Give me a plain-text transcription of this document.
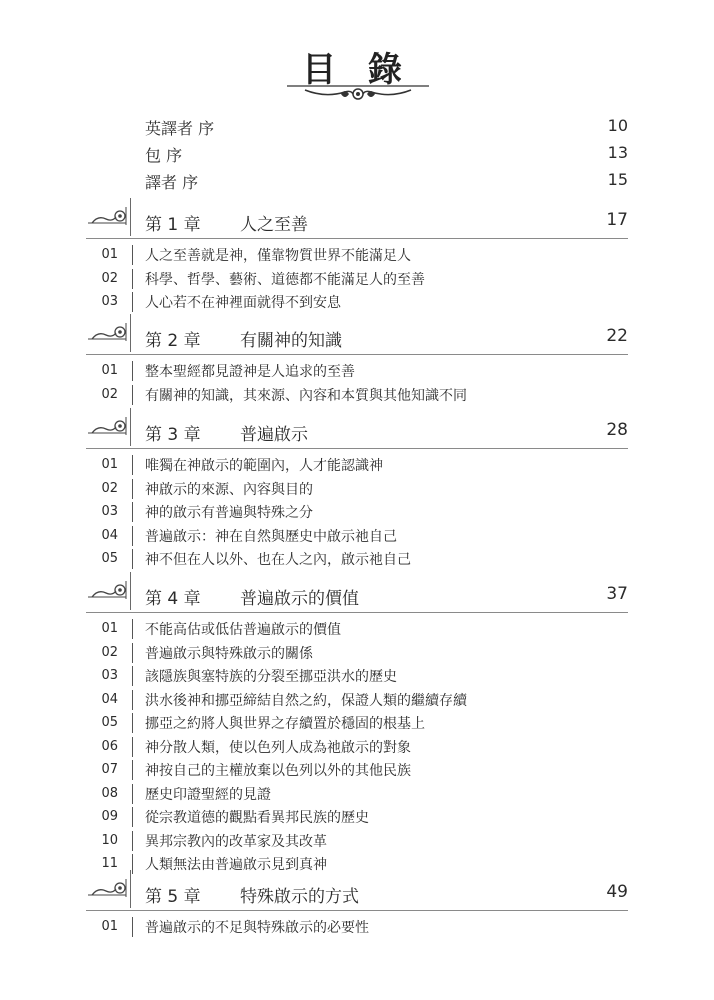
目 錄
英譯者 序	10
包 序	13
譯者 序	15
第 1 章 人之至善	17
01 人之至善就是神，僅靠物質世界不能滿足人
02 科學、哲學、藝術、道德都不能滿足人的至善
03 人心若不在神裡面就得不到安息
第 2 章 有關神的知識	22
01 整本聖經都見證神是人追求的至善
02 有關神的知識，其來源、內容和本質與其他知識不同
第 3 章 普遍啟示	28
01 唯獨在神啟示的範圍內，人才能認識神
02 神啟示的來源、內容與目的
03 神的啟示有普遍與特殊之分
04 普遍啟示：神在自然與歷史中啟示祂自己
05 神不但在人以外、也在人之內，啟示祂自己
第 4 章 普遍啟示的價值	37
01 不能高估或低估普遍啟示的價值
02 普遍啟示與特殊啟示的關係
03 該隱族與塞特族的分裂至挪亞洪水的歷史
04 洪水後神和挪亞締結自然之約，保證人類的繼續存續
05 挪亞之約將人與世界之存續置於穩固的根基上
06 神分散人類，使以色列人成為祂啟示的對象
07 神按自己的主權放棄以色列以外的其他民族
08 歷史印證聖經的見證
09 從宗教道德的觀點看異邦民族的歷史
10 異邦宗教內的改革家及其改革
11 人類無法由普遍啟示見到真神
第 5 章 特殊啟示的方式	49
01 普遍啟示的不足與特殊啟示的必要性
